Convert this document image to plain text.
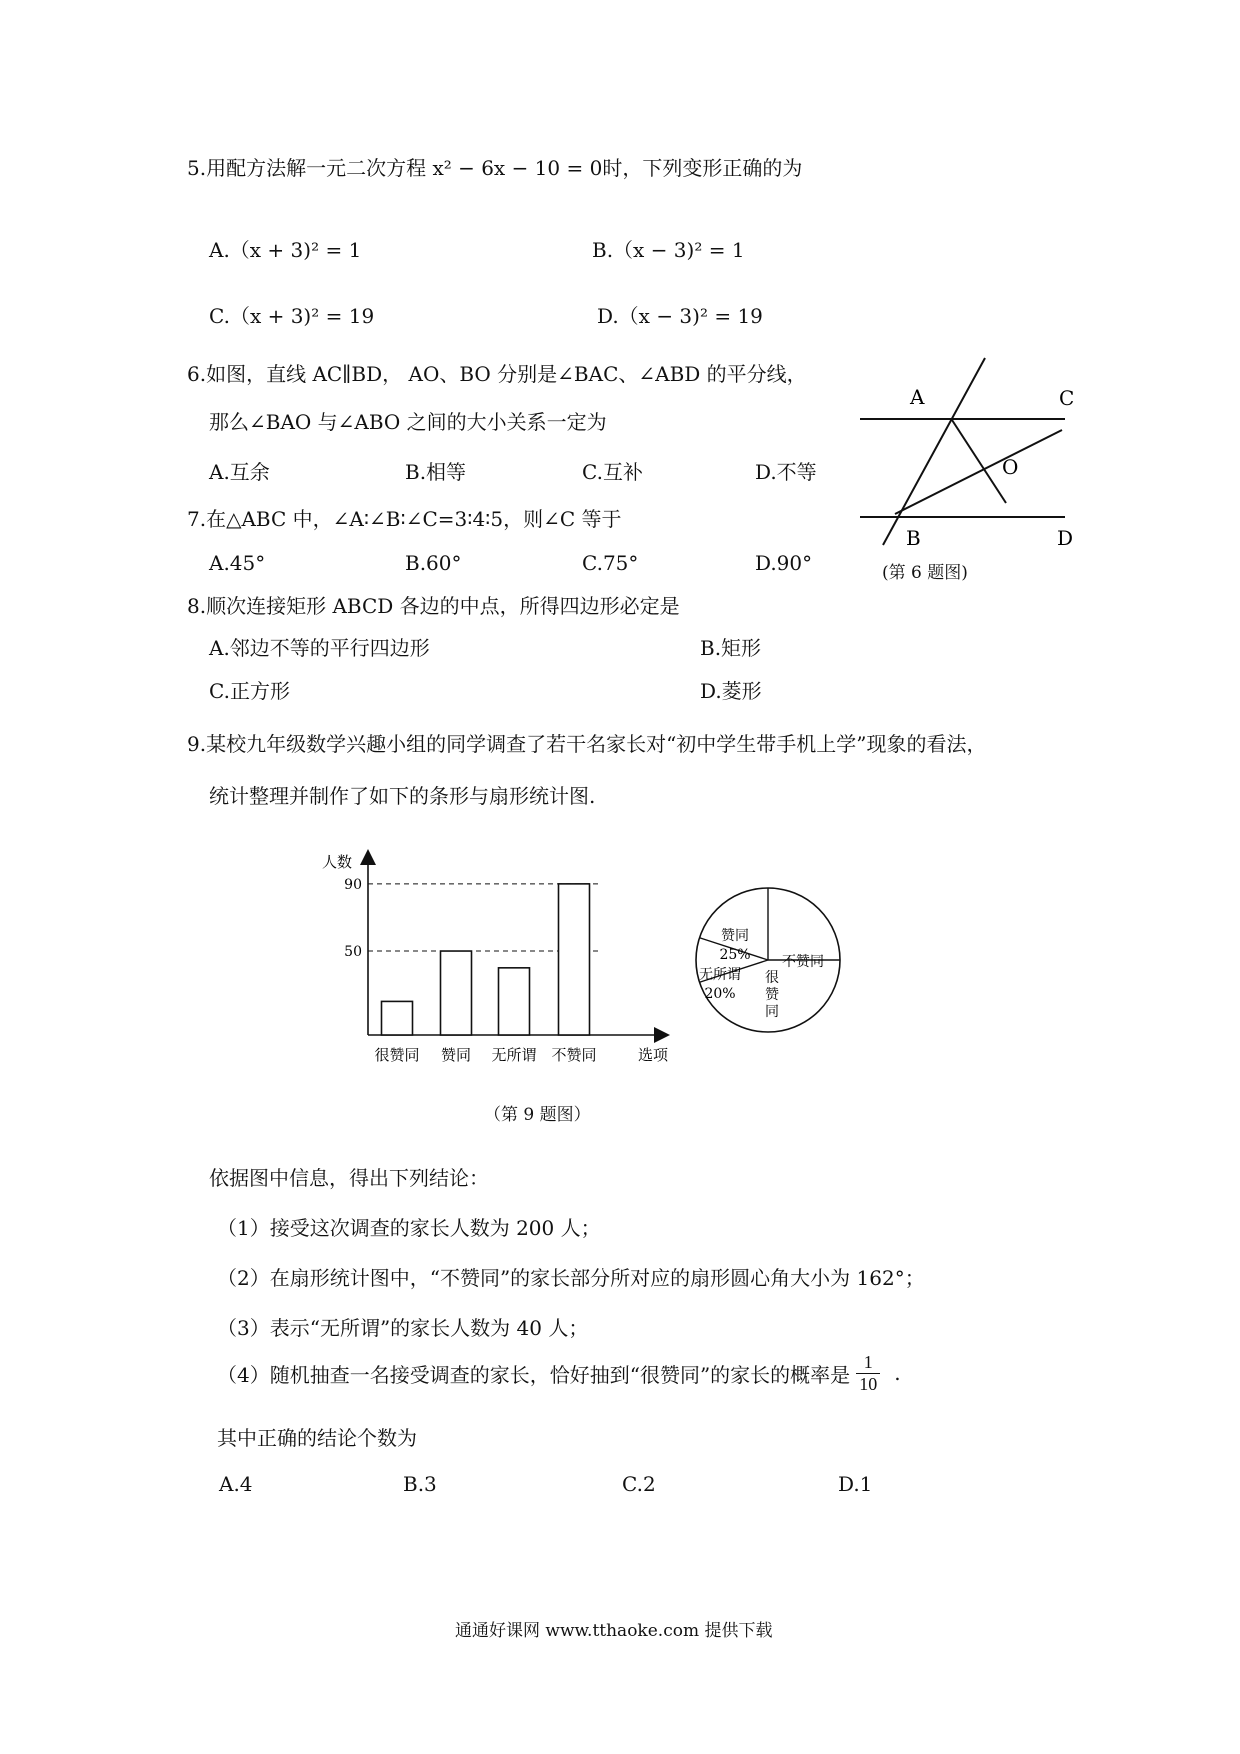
5.用配方法解一元二次方程 x² − 6x − 10 = 0时，下列变形正确的为
A.（x + 3)² = 1	B.（x − 3)² = 1
C.（x + 3)² = 19	D.（x − 3)² = 19
6.如图，直线 AC∥BD， AO、BO 分别是∠BAC、∠ABD 的平分线，
那么∠BAO 与∠ABO 之间的大小关系一定为
A.互余	B.相等	C.互补	D.不等
A	C
O
B	D
(第 6 题图)
7.在△ABC 中，∠A∶∠B∶∠C=3∶4∶5，则∠C 等于
A.45°	B.60°	C.75°	D.90°
8.顺次连接矩形 ABCD 各边的中点，所得四边形必定是
A.邻边不等的平行四边形	B.矩形
C.正方形	D.菱形
9.某校九年级数学兴趣小组的同学调查了若干名家长对“初中学生带手机上学”现象的看法，
统计整理并制作了如下的条形与扇形统计图.
人数
选项
90
50
很赞同 赞同 无所谓 不赞同
赞同
25% 不赞同
无所谓
20%
很
赞
同
（第 9 题图）
依据图中信息，得出下列结论：
（1）接受这次调查的家长人数为 200 人；
（2）在扇形统计图中，“不赞同”的家长部分所对应的扇形圆心角大小为 162°；
（3）表示“无所谓”的家长人数为 40 人；
（4）随机抽查一名接受调查的家长，恰好抽到“很赞同”的家长的概率是 $\frac{1}{10}$ .
其中正确的结论个数为
A.4	B.3	C.2	D.1
通通好课网 www.tthaoke.com 提供下载
